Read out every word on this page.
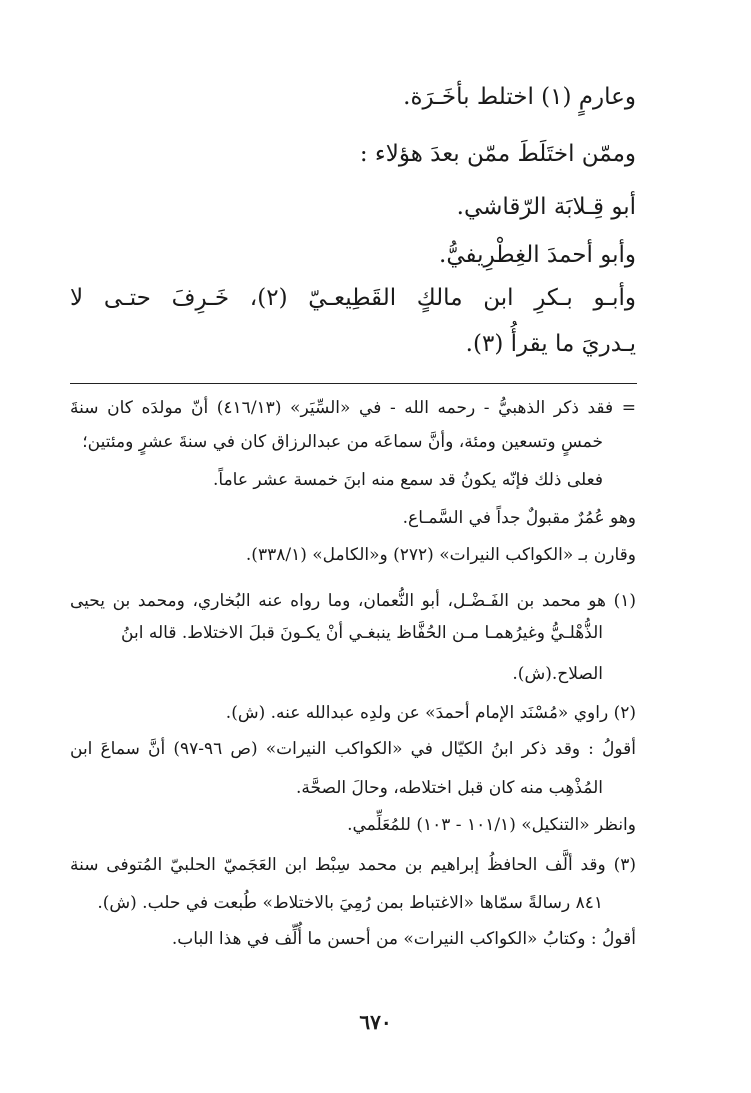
وعارمٍ (١) اختلط بأخَـرَة.
وممّن اختَلَطَ ممّن بعدَ هؤلاء :
أبو قِـلابَة الرّقاشي.
وأبو أحمدَ الغِطْرِيفيُّ.
وأبـو بـكرِ ابن مالكٍ القَطِيعـيّ (٢)، خَـرِفَ حتـى لا
يـدريَ ما يقرأُ (٣).
= فقد ذكر الذهبيُّ - رحمه الله - في «السِّيَر» (٤١٦/١٣) أنّ مولدَه كان سنةَ
خمسٍ وتسعين ومئة، وأنَّ سماعَه من عبدالرزاق كان في سنةَ عشرٍ ومئتين؛
فعلى ذلك فإنّه يكونُ قد سمع منه ابنَ خمسة عشر عاماً.
وهو عُمُرٌ مقبولٌ جداً في السَّمـاع.
وقارن بـ «الكواكب النيرات» (٢٧٢) و«الكامل» (٣٣٨/١).
(١) هو محمد بن الفَـضْـل، أبو النُّعمان، وما رواه عنه البُخاري، ومحمد بن يحيى
الذُّهْلـيُّ وغيرُهمـا مـن الحُفَّاظ ينبغـي أنْ يكـونَ قبلَ الاختلاط. قاله ابنُ
الصلاح.(ش).
(٢) راوي «مُسْنَد الإمام أحمدَ» عن ولدِه عبدالله عنه. (ش).
أقولُ : وقد ذكر ابنُ الكيّال في «الكواكب النيرات» (ص ٩٦-٩٧) أنَّ سماعَ ابن
المُذْهِب منه كان قبل اختلاطه، وحالَ الصحَّة.
وانظر «التنكيل» (١٠١/١ - ١٠٣) للمُعَلِّمي.
(٣) وقد ألَّف الحافظُ إبراهيم بن محمد سِبْط ابن العَجَميّ الحلبيّ المُتوفى سنة
٨٤١ رسالةً سمّاها «الاغتباط بمن رُمِيَ بالاختلاط» طُبعت في حلب. (ش).
أقولُ : وكتابُ «الكواكب النيرات» من أحسن ما أُلِّف في هذا الباب.
٦٧٠
